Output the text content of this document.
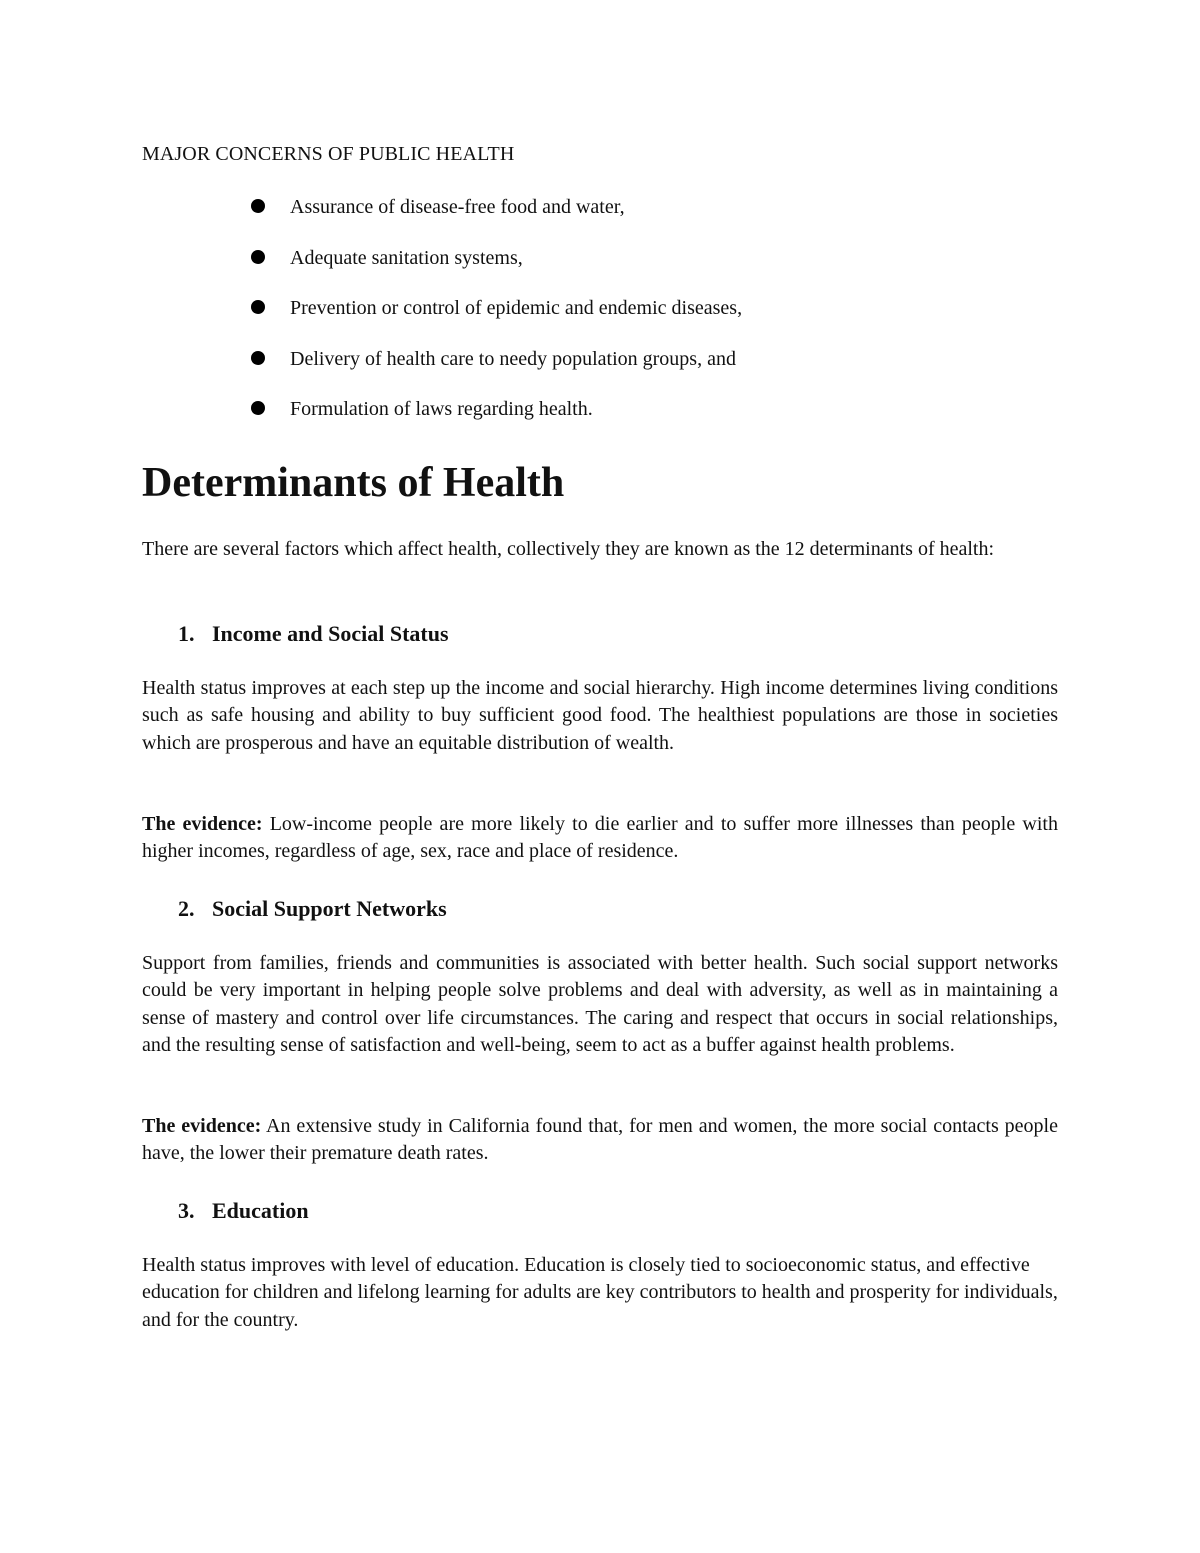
MAJOR CONCERNS OF PUBLIC HEALTH

Assurance of disease-free food and water,
Adequate sanitation systems,
Prevention or control of epidemic and endemic diseases,
Delivery of health care to needy population groups, and
Formulation of laws regarding health.
Determinants of Health

There are several factors which affect health, collectively they are known as the 12 determinants of health:

1. Income and Social Status

Health status improves at each step up the income and social hierarchy. High income determines living conditions such as safe housing and ability to buy sufficient good food. The healthiest populations are those in societies which are prosperous and have an equitable distribution of wealth.

The evidence: Low-income people are more likely to die earlier and to suffer more illnesses than people with higher incomes, regardless of age, sex, race and place of residence.

2. Social Support Networks

Support from families, friends and communities is associated with better health. Such social support networks could be very important in helping people solve problems and deal with adversity, as well as in maintaining a sense of mastery and control over life circumstances. The caring and respect that occurs in social relationships, and the resulting sense of satisfaction and well-being, seem to act as a buffer against health problems.

The evidence: An extensive study in California found that, for men and women, the more social contacts people have, the lower their premature death rates.

3. Education

Health status improves with level of education. Education is closely tied to socioeconomic status, and effective education for children and lifelong learning for adults are key contributors to health and prosperity for individuals, and for the country.
